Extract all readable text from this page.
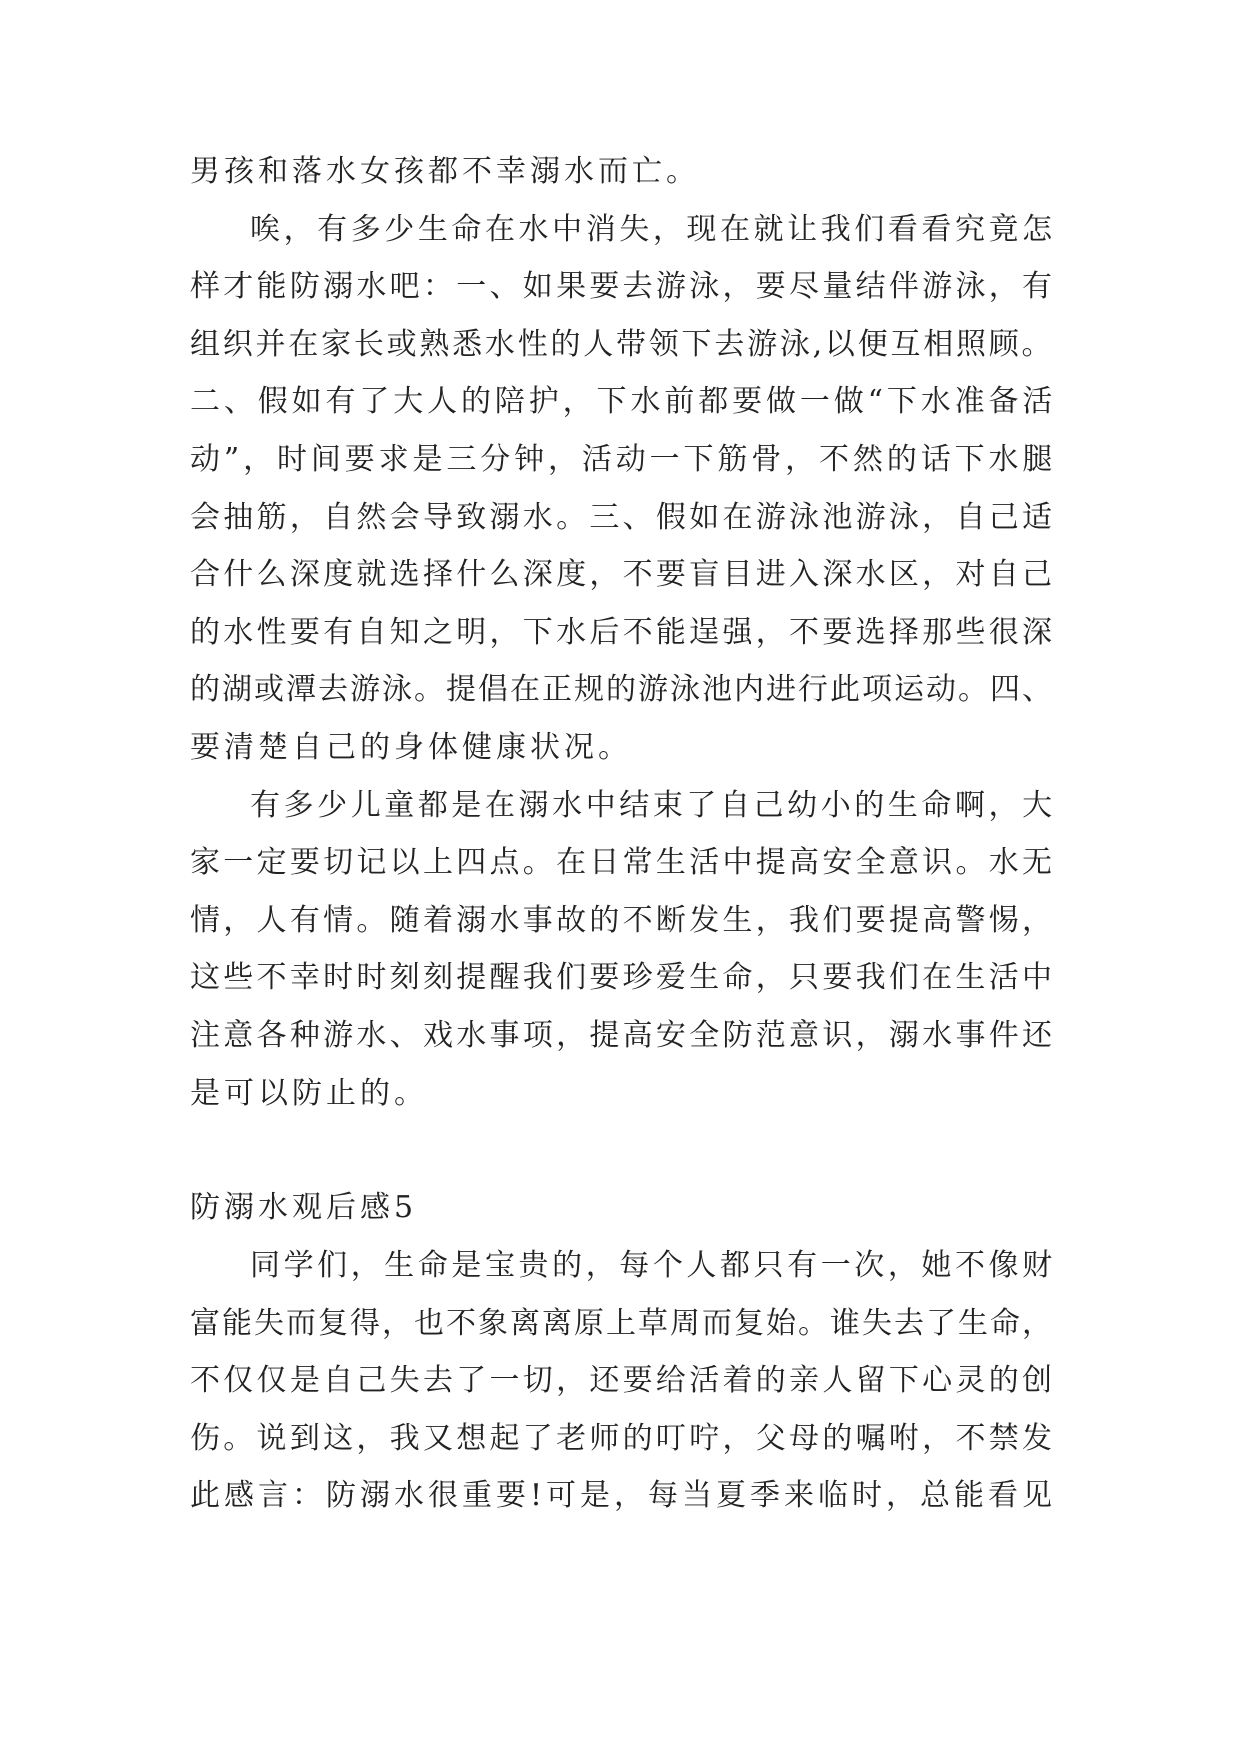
男孩和落水女孩都不幸溺水而亡。
唉，有多少生命在水中消失，现在就让我们看看究竟怎
样才能防溺水吧：一、如果要去游泳，要尽量结伴游泳，有
组织并在家长或熟悉水性的人带领下去游泳,以便互相照顾。
二、假如有了大人的陪护，下水前都要做一做“下水准备活
动”，时间要求是三分钟，活动一下筋骨，不然的话下水腿
会抽筋，自然会导致溺水。三、假如在游泳池游泳，自己适
合什么深度就选择什么深度，不要盲目进入深水区，对自己
的水性要有自知之明，下水后不能逞强，不要选择那些很深
的湖或潭去游泳。提倡在正规的游泳池内进行此项运动。四、
要清楚自己的身体健康状况。
有多少儿童都是在溺水中结束了自己幼小的生命啊，大
家一定要切记以上四点。在日常生活中提高安全意识。水无
情，人有情。随着溺水事故的不断发生，我们要提高警惕，
这些不幸时时刻刻提醒我们要珍爱生命，只要我们在生活中
注意各种游水、戏水事项，提高安全防范意识，溺水事件还
是可以防止的。
防溺水观后感5
同学们，生命是宝贵的，每个人都只有一次，她不像财
富能失而复得，也不象离离原上草周而复始。谁失去了生命，
不仅仅是自己失去了一切，还要给活着的亲人留下心灵的创
伤。说到这，我又想起了老师的叮咛，父母的嘱咐，不禁发
此感言：防溺水很重要!可是，每当夏季来临时，总能看见
